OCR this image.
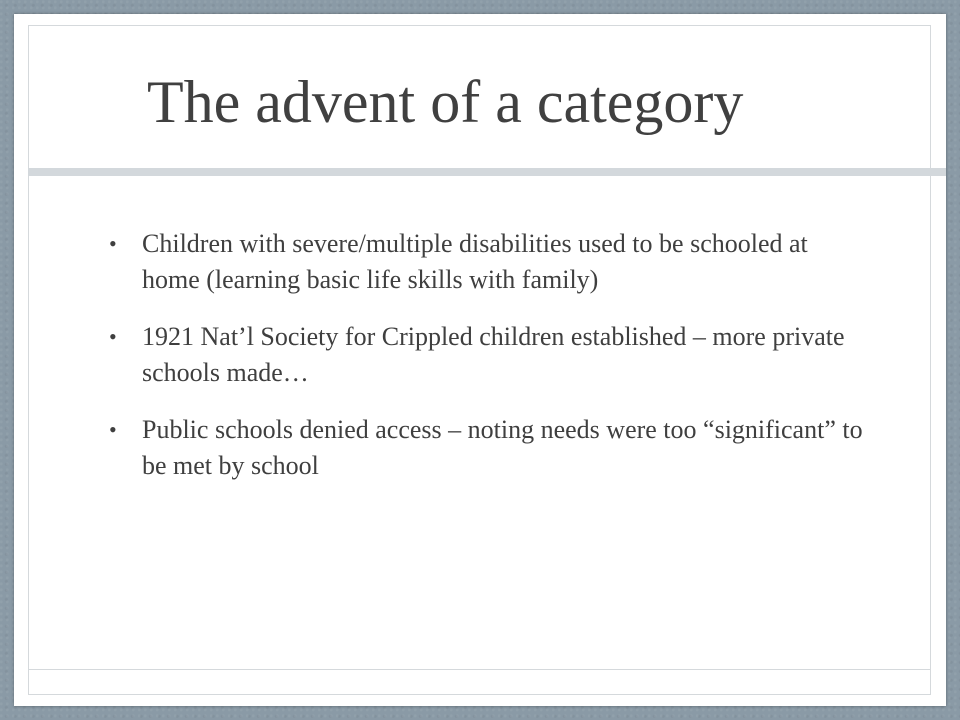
The advent of a category
• Children with severe/multiple disabilities used to be schooled at home (learning basic life skills with family)
• 1921 Nat’l Society for Crippled children established – more private schools made…
• Public schools denied access – noting needs were too “significant” to be met by school
